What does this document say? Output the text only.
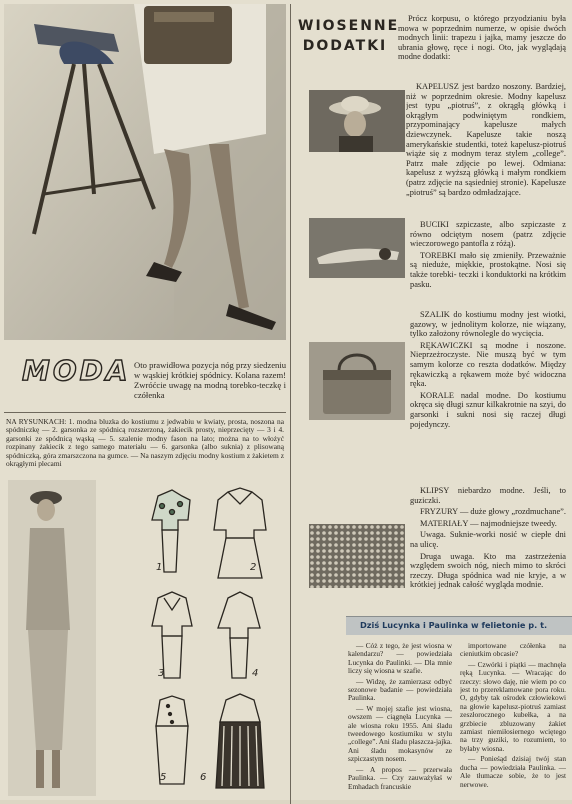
WIOSENNE DODATKI

Prócz korpusu, o którego przyodzianiu była mowa w poprzednim numerze, w opisie dwóch modnych linii: trapezu i jajka, mamy jeszcze do ubrania głowę, ręce i nogi. Oto, jak wyglądają modne dodatki:

KAPELUSZ jest bardzo noszony. Bardziej, niż w poprzednim okresie. Modny kapelusz jest typu „piotruś”, z okrągłą główką i okrągłym podwiniętym rondkiem, przypominający kapelusze małych dziewczynek. Kapelusze takie noszą amerykańskie studentki, toteż kapelusz-piotruś wiąże się z modnym teraz stylem „college”. Patrz małe zdjęcie po lewej. Odmiana: kapelusz z wyższą główką i małym rondkiem (patrz zdjęcie na sąsiedniej stronie). Kapelusze „piotruś” są bardzo odmładzające.

BUCIKI szpiczaste, albo szpiczaste z równo odciętym nosem (patrz zdjęcie wieczorowego pantofla z różą).

TOREBKI mało się zmieniły. Przeważnie są nieduże, miękkie, prostokątne. Nosi się także torebki- teczki i konduktorki na krótkim pasku.

SZALIK do kostiumu modny jest wiotki, gazowy, w jednolitym kolorze, nie wiązany, tylko założony równolegle do wycięcia.

RĘKAWICZKI są modne i noszone. Nieprzeżroczyste. Nie muszą być w tym samym kolorze co reszta dodatków. Między rękawiczką a rękawem może być widoczna ręka.

KORALE nadal modne. Do kostiumu okręca się długi sznur kilkakrotnie na szyi, do garsonki i sukni nosi się raczej długi pojedynczy.

KLIPSY niebardzo modne. Jeśli, to guziczki.

FRYZURY — duże głowy „rozdmuchane”.

MATERIAŁY — najmodniejsze tweedy.

Uwaga. Suknie-worki nosić w ciepłe dni na ulicę.

Druga uwaga. Kto ma zastrzeżenia względem swoich nóg, niech mimo to skróci rzeczy. Długa spódnica wad nie kryje, a w krótkiej jednak całość wygląda modnie.

MODA Oto prawidłowa pozycja nóg przy siedzeniu w wąskiej krótkiej spódnicy. Kolana razem! Zwróćcie uwagę na modną torebko-teczkę i czółenka
NA RYSUNKACH: 1. modna bluzka do kostiumu z jedwabiu w kwiaty, prosta, noszona na spódniczkę — 2. garsonka ze spódnicą rozszerzoną, żakiecik prosty, nieprzecięty — 3 i 4. garsonki ze spódnicą wąską — 5. szalenie modny fason na lato; można na to włożyć rozpinany żakiecik z tego samego materiału — 6. garsonka (albo suknia) z plisowaną spódniczką, góra zmarszczona na gumce. — Na naszym zdjęciu modny kostium z żakietem z okrągłymi plecami
1	2
3	4
5	6
Dziś Lucynka i Paulinka w felietonie p. t.

— Cóż z tego, że jest wiosna w kalendarzu? — powiedziała Lucynka do Paulinki. — Dla mnie liczy się wiosna w szafie.

— Widzę, że zamierzasz odbyć sezonowe badanie — powiedziała Paulinka.

— W mojej szafie jest wiosna, owszem — ciągnęła Lucynka — ale wiosna roku 1955. Ani śladu tweedowego kostiumiku w stylu „college”. Ani śladu płaszcza-jajka. Ani śladu mokasynów ze szpiczastym nosem.

— A propos — przerwała Paulinka. — Czy zauważyłaś w Emhadach francuskie

importowane czółenka na cieniutkim obcasie?

— Czwórki i piątki — machnęła ręką Lucynka. — Wracając do rzeczy: słowo daję, nie wiem po co jest to przereklamowane pora roku. O, gdyby tak ośrodek człowiekowi na głowie kapelusz-piotruś zamiast zeszłorocznego kubełka, a na grzbiecie zbluzowany żakiet zamiast niemiłosiernego wciętego na trzy guziki, to rozumiem, to byłaby wiosna.

— Ponieśąd dzisiaj twój stan ducha — powiedziała Paulinka. — Ale tłumacze sobie, że to jest nerwowe.
